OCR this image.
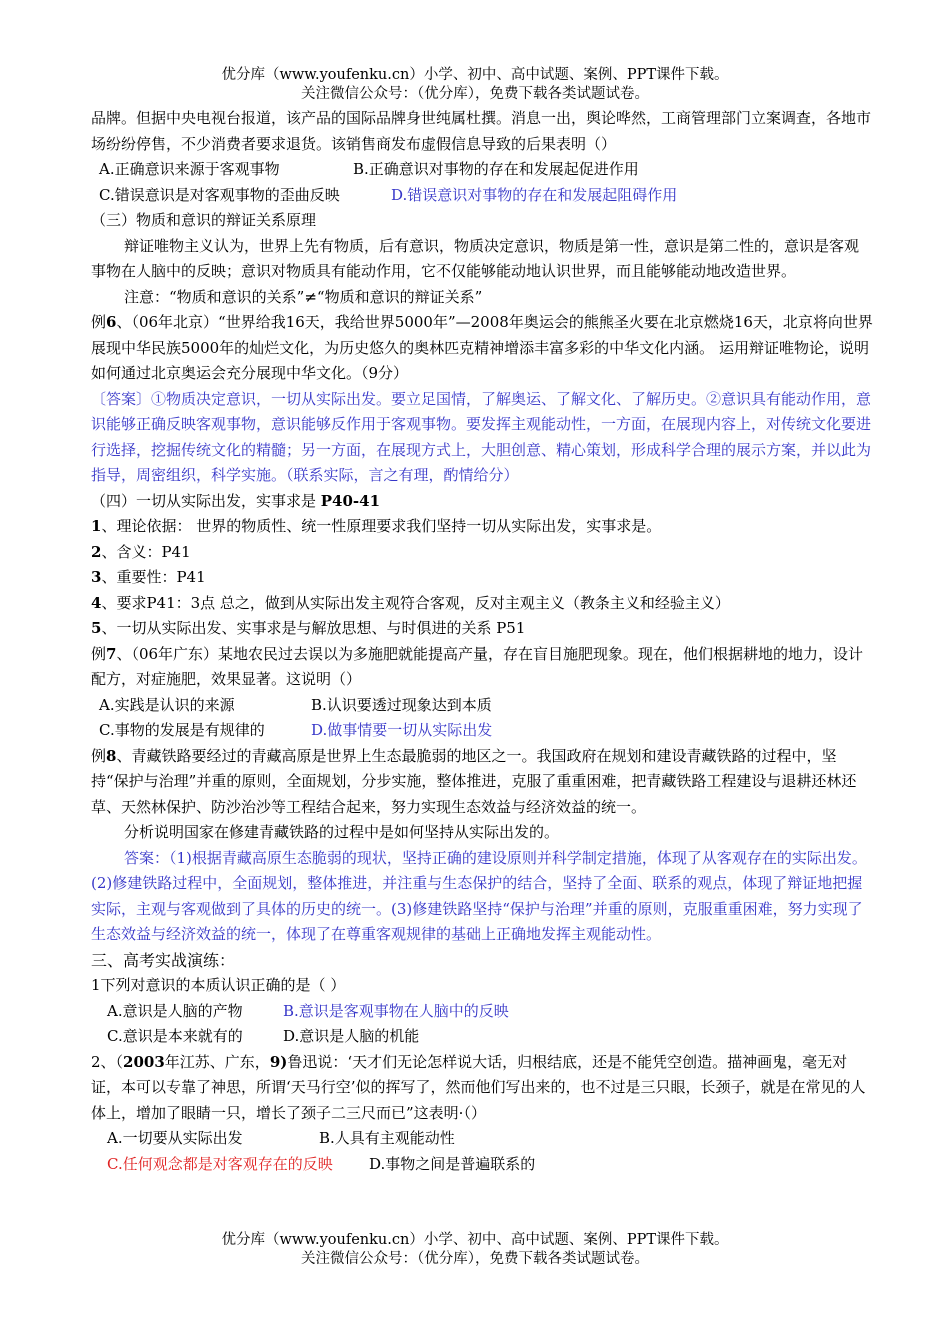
优分库（www.youfenku.cn）小学、初中、高中试题、案例、PPT课件下载。
关注微信公众号：（优分库），免费下载各类试题试卷。

品牌。但据中央电视台报道，该产品的国际品牌身世纯属杜撰。消息一出，舆论哗然，工商管理部门立案调查，各地市场纷纷停售，不少消费者要求退货。该销售商发布虚假信息导致的后果表明（）

A.正确意识来源于客观事物	B.正确意识对事物的存在和发展起促进作用

C.错误意识是对客观事物的歪曲反映	D.错误意识对事物的存在和发展起阻碍作用

（三）物质和意识的辩证关系原理

辩证唯物主义认为，世界上先有物质，后有意识，物质决定意识，物质是第一性，意识是第二性的，意识是客观事物在人脑中的反映；意识对物质具有能动作用，它不仅能够能动地认识世界，而且能够能动地改造世界。

注意：“物质和意识的关系”≠“物质和意识的辩证关系”

例6、（06年北京）“世界给我16天，我给世界5000年”—2008年奥运会的熊熊圣火要在北京燃烧16天，北京将向世界展现中华民族5000年的灿烂文化，为历史悠久的奥林匹克精神增添丰富多彩的中华文化内涵。 运用辩证唯物论，说明如何通过北京奥运会充分展现中华文化。（9分）

〔答案〕①物质决定意识，一切从实际出发。要立足国情，了解奥运、了解文化、了解历史。②意识具有能动作用，意识能够正确反映客观事物，意识能够反作用于客观事物。要发挥主观能动性，一方面，在展现内容上，对传统文化要进行选择，挖掘传统文化的精髓；另一方面，在展现方式上，大胆创意、精心策划，形成科学合理的展示方案，并以此为指导，周密组织，科学实施。（联系实际，言之有理，酌情给分）

（四）一切从实际出发，实事求是 P40-41

1、理论依据： 世界的物质性、统一性原理要求我们坚持一切从实际出发，实事求是。

2、含义：P41

3、重要性：P41

4、要求P41：3点 总之，做到从实际出发主观符合客观，反对主观主义（教条主义和经验主义）

5、一切从实际出发、实事求是与解放思想、与时俱进的关系 P51

例7、（06年广东）某地农民过去误以为多施肥就能提高产量，存在盲目施肥现象。现在，他们根据耕地的地力，设计配方，对症施肥，效果显著。这说明（）

A.实践是认识的来源	B.认识要透过现象达到本质

C.事物的发展是有规律的	D.做事情要一切从实际出发

例8、青藏铁路要经过的青藏高原是世界上生态最脆弱的地区之一。我国政府在规划和建设青藏铁路的过程中，坚持“保护与治理”并重的原则，全面规划，分步实施，整体推进，克服了重重困难，把青藏铁路工程建设与退耕还林还草、天然林保护、防沙治沙等工程结合起来，努力实现生态效益与经济效益的统一。

分析说明国家在修建青藏铁路的过程中是如何坚持从实际出发的。

答案：（1)根据青藏高原生态脆弱的现状，坚持正确的建设原则并科学制定措施，体现了从客观存在的实际出发。(2)修建铁路过程中，全面规划，整体推进，并注重与生态保护的结合，坚持了全面、联系的观点，体现了辩证地把握实际，主观与客观做到了具体的历史的统一。(3)修建铁路坚持“保护与治理”并重的原则，克服重重困难，努力实现了生态效益与经济效益的统一，体现了在尊重客观规律的基础上正确地发挥主观能动性。

三、高考实战演练：

1下列对意识的本质认识正确的是（ ）

A.意识是人脑的产物	B.意识是客观事物在人脑中的反映

C.意识是本来就有的	D.意识是人脑的机能

2、（2003年江苏、广东，9)鲁迅说：‘天才们无论怎样说大话，归根结底，还是不能凭空创造。描神画鬼，毫无对证，本可以专靠了神思，所谓‘天马行空’似的挥写了，然而他们写出来的，也不过是三只眼，长颈子，就是在常见的人体上，增加了眼睛一只，增长了颈子二三尺而已”这表明·（）

A.一切要从实际出发	B.人具有主观能动性

C.任何观念都是对客观存在的反映 D.事物之间是普遍联系的

优分库（www.youfenku.cn）小学、初中、高中试题、案例、PPT课件下载。
关注微信公众号：（优分库），免费下载各类试题试卷。
